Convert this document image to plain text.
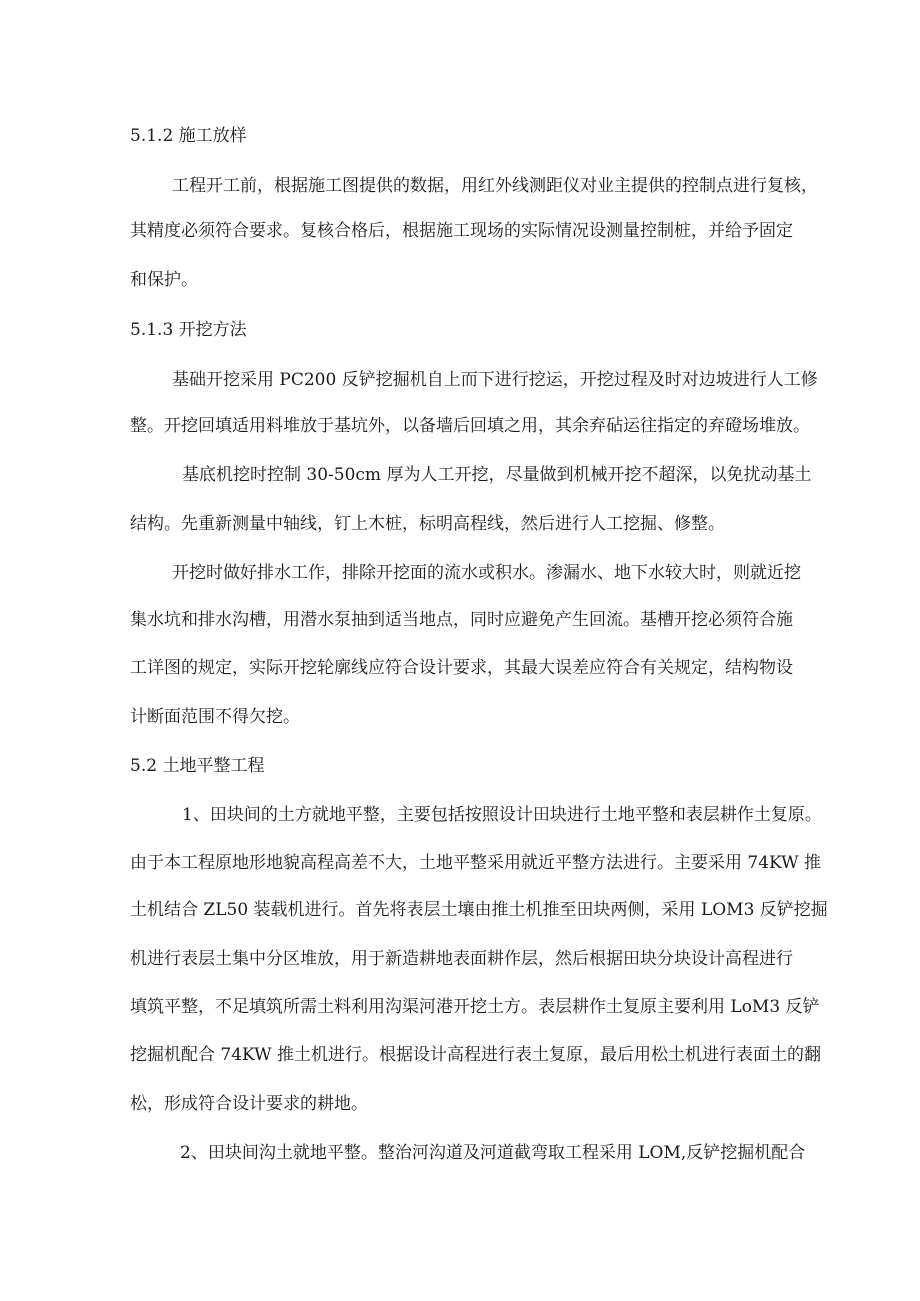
5.1.2 施工放样
工程开工前，根据施工图提供的数据，用红外线测距仪对业主提供的控制点进行复核，
其精度必须符合要求。复核合格后，根据施工现场的实际情况设测量控制桩，并给予固定
和保护。
5.1.3 开挖方法
基础开挖采用 PC200 反铲挖掘机自上而下进行挖运，开挖过程及时对边坡进行人工修
整。开挖回填适用料堆放于基坑外，以备墙后回填之用，其余弃砧运往指定的弃磴场堆放。
基底机挖时控制 30-50cm 厚为人工开挖，尽量做到机械开挖不超深，以免扰动基土
结构。先重新测量中轴线，钉上木桩，标明高程线，然后进行人工挖掘、修整。
开挖时做好排水工作，排除开挖面的流水或积水。渗漏水、地下水较大时，则就近挖
集水坑和排水沟槽，用潜水泵抽到适当地点，同时应避免产生回流。基槽开挖必须符合施
工详图的规定，实际开挖轮廓线应符合设计要求，其最大误差应符合有关规定，结构物设
计断面范围不得欠挖。
5.2 土地平整工程
1、田块间的土方就地平整，主要包括按照设计田块进行土地平整和表层耕作土复原。
由于本工程原地形地貌高程高差不大，土地平整采用就近平整方法进行。主要采用 74KW 推
土机结合 ZL50 装载机进行。首先将表层土壤由推土机推至田块两侧，采用 LOM3 反铲挖掘
机进行表层土集中分区堆放，用于新造耕地表面耕作层，然后根据田块分块设计高程进行
填筑平整，不足填筑所需土料利用沟渠河港开挖土方。表层耕作土复原主要利用 LoM3 反铲
挖掘机配合 74KW 推土机进行。根据设计高程进行表土复原，最后用松土机进行表面土的翻
松，形成符合设计要求的耕地。
2、田块间沟土就地平整。整治河沟道及河道截弯取工程采用 LOM,反铲挖掘机配合
